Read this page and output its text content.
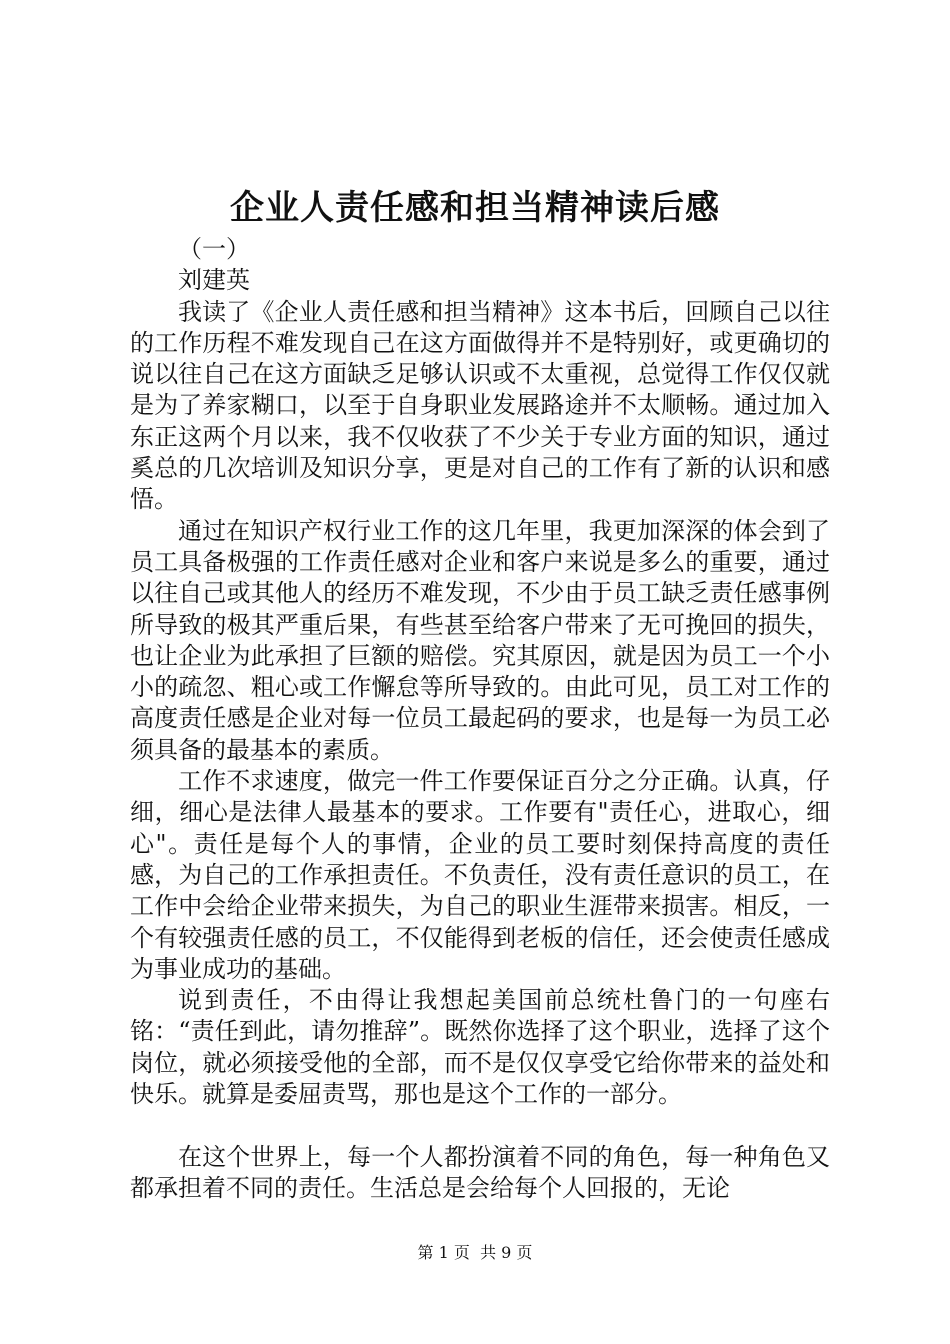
企业人责任感和担当精神读后感

（一）

刘建英

我读了《企业人责任感和担当精神》这本书后，回顾自己以往的工作历程不难发现自己在这方面做得并不是特别好，或更确切的说以往自己在这方面缺乏足够认识或不太重视，总觉得工作仅仅就是为了养家糊口，以至于自身职业发展路途并不太顺畅。通过加入东正这两个月以来，我不仅收获了不少关于专业方面的知识，通过奚总的几次培训及知识分享，更是对自己的工作有了新的认识和感悟。

通过在知识产权行业工作的这几年里，我更加深深的体会到了员工具备极强的工作责任感对企业和客户来说是多么的重要，通过以往自己或其他人的经历不难发现，不少由于员工缺乏责任感事例所导致的极其严重后果，有些甚至给客户带来了无可挽回的损失，也让企业为此承担了巨额的赔偿。究其原因，就是因为员工一个小小的疏忽、粗心或工作懈怠等所导致的。由此可见，员工对工作的高度责任感是企业对每一位员工最起码的要求，也是每一为员工必须具备的最基本的素质。

工作不求速度，做完一件工作要保证百分之分正确。认真，仔细，细心是法律人最基本的要求。工作要有"责任心，进取心，细心"。责任是每个人的事情，企业的员工要时刻保持高度的责任感，为自己的工作承担责任。不负责任，没有责任意识的员工，在工作中会给企业带来损失，为自己的职业生涯带来损害。相反，一个有较强责任感的员工，不仅能得到老板的信任，还会使责任感成为事业成功的基础。

说到责任，不由得让我想起美国前总统杜鲁门的一句座右铭：“责任到此，请勿推辞”。既然你选择了这个职业，选择了这个岗位，就必须接受他的全部，而不是仅仅享受它给你带来的益处和快乐。就算是委屈责骂，那也是这个工作的一部分。

在这个世界上，每一个人都扮演着不同的角色，每一种角色又都承担着不同的责任。生活总是会给每个人回报的，无论

第 1 页  共 9 页
